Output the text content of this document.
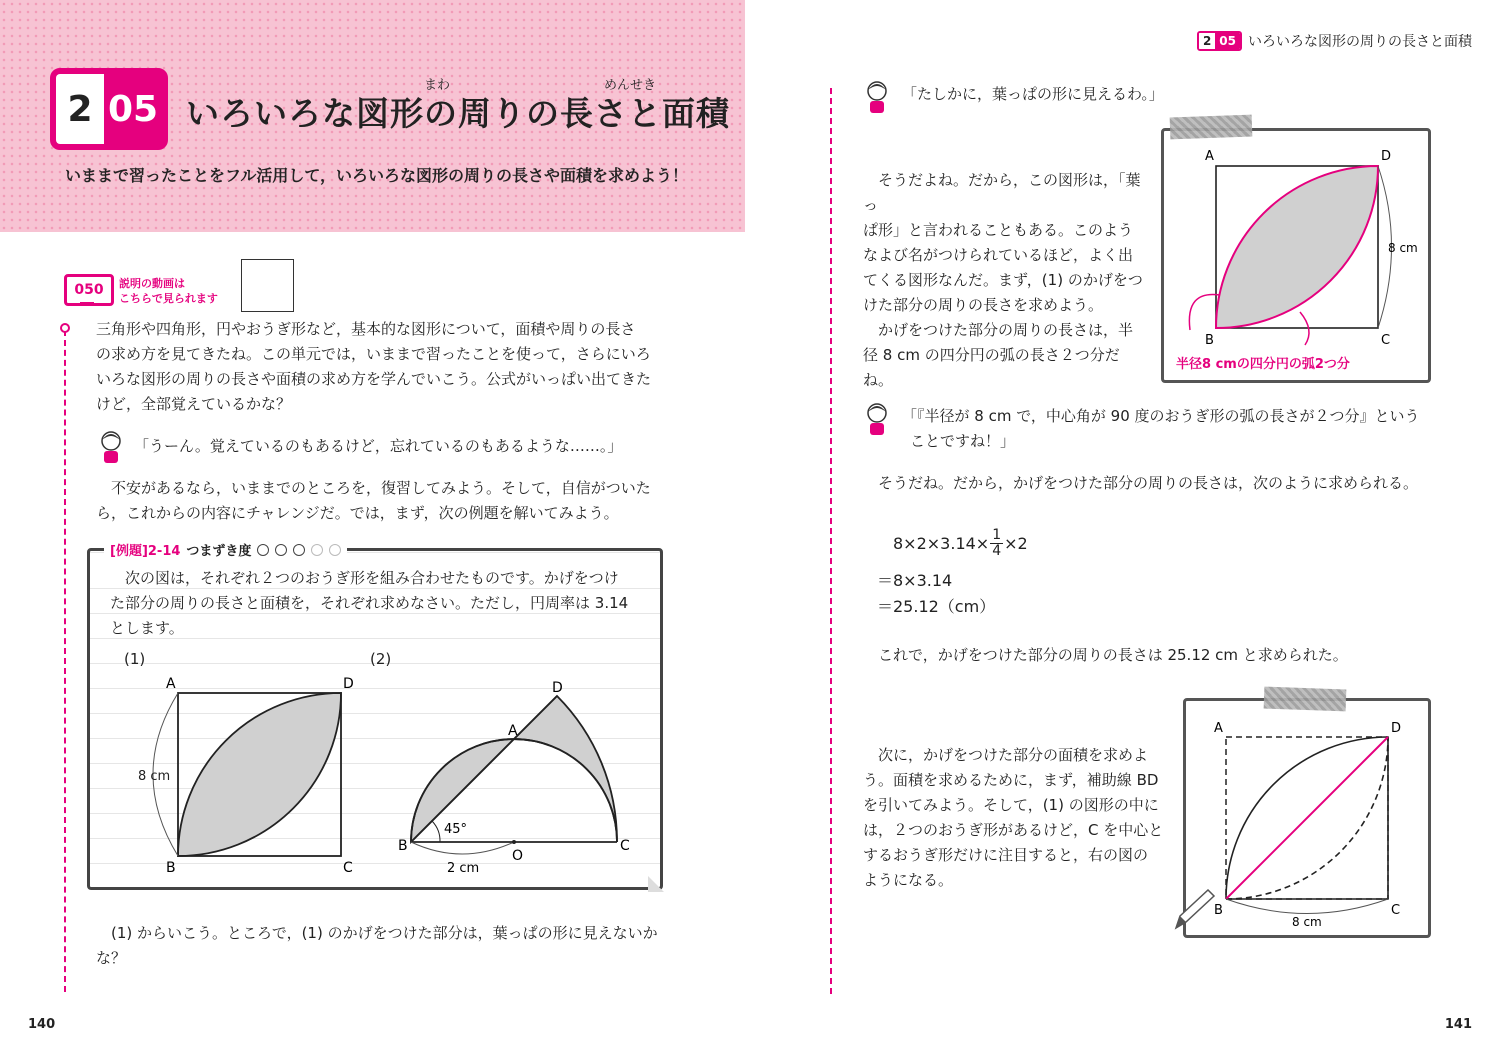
2 05
まわ	めんせき
いろいろな図形の周りの長さと面積
いままで習ったことをフル活用して，いろいろな図形の周りの長さや面積を求めよう！
2 05 いろいろな図形の周りの長さと面積
050 説明の動画は
こちらで見られます

三角形や四角形，円やおうぎ形など，基本的な図形について，面積や周りの長さ

の求め方を見てきたね。この単元では，いままで習ったことを使って，さらにいろ

いろな図形の周りの長さや面積の求め方を学んでいこう。公式がいっぱい出てきた

けど，全部覚えているかな？

「うーん。覚えているのもあるけど，忘れているのもあるような……。」

不安があるなら，いままでのところを，復習してみよう。そして，自信がついた

ら，これからの内容にチャレンジだ。では，まず，次の例題を解いてみよう。

[例題]2-14 つまずき度

次の図は，それぞれ２つのおうぎ形を組み合わせたものです。かげをつけ

た部分の周りの長さと面積を，それぞれ求めなさい。ただし，円周率は 3.14

とします。

(1)	(2)
A
B	C
D
8 cm
B
A
D
O
C
45°
2 cm

(1) からいこう。ところで，(1) のかげをつけた部分は，葉っぱの形に見えないか

な？

140
「たしかに，葉っぱの形に見えるわ。」

そうだよね。だから，この図形は，「葉っ

ぱ形」と言われることもある。このよう

なよび名がつけられているほど，よく出

てくる図形なんだ。まず，(1) のかげをつ

けた部分の周りの長さを求めよう。

かげをつけた部分の周りの長さは，半

径 8 cm の四分円の弧の長さ２つ分だね。

A
B	C
D
8 cm
半径8 cmの四分円の弧2つ分

「『半径が 8 cm で，中心角が 90 度のおうぎ形の弧の長さが２つ分』という

ことですね！」

そうだね。だから，かげをつけた部分の周りの長さは，次のように求められる。
$8\times 2\times 3.14\times \frac{1}{4} \times 2$
＝8×3.14
＝25.12（cm）
これで，かげをつけた部分の周りの長さは 25.12 cm と求められた。

次に，かげをつけた部分の面積を求めよ

う。面積を求めるために，まず，補助線 BD

を引いてみよう。そして，(1) の図形の中に

は，２つのおうぎ形があるけど，C を中心と

するおうぎ形だけに注目すると，右の図の

ようになる。

A
B	C
D
8 cm
141
